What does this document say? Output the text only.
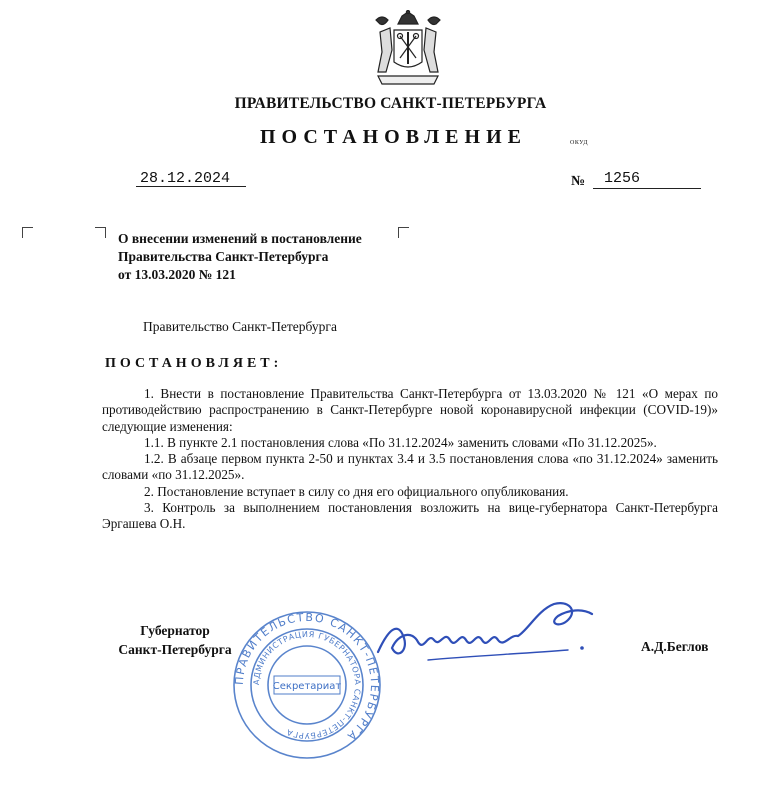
ПРАВИТЕЛЬСТВО САНКТ-ПЕТЕРБУРГА
ПОСТАНОВЛЕНИЕ	ОКУД
28.12.2024	№ 1256
О внесении изменений в постановление
Правительства Санкт-Петербурга
от 13.03.2020 № 121
Правительство Санкт-Петербурга
ПОСТАНОВЛЯЕТ:

1. Внести в постановление Правительства Санкт-Петербурга от 13.03.2020 № 121 «О мерах по противодействию распространению в Санкт-Петербурге новой коронавирусной инфекции (COVID-19)» следующие изменения:

1.1. В пункте 2.1 постановления слова «По 31.12.2024» заменить словами «По 31.12.2025».

1.2. В абзаце первом пункта 2-50 и пунктах 3.4 и 3.5 постановления слова «по 31.12.2024» заменить словами «по 31.12.2025».

2. Постановление вступает в силу со дня его официального опубликования.

3. Контроль за выполнением постановления возложить на вице-губернатора Санкт-Петербурга Эргашева О.Н.

Губернатор
Санкт-Петербурга	А.Д.Беглов
ПРАВИТЕЛЬСТВО САНКТ-ПЕТЕРБУРГА
АДМИНИСТРАЦИЯ ГУБЕРНАТОРА САНКТ-ПЕТЕРБУРГА
Секретариат
